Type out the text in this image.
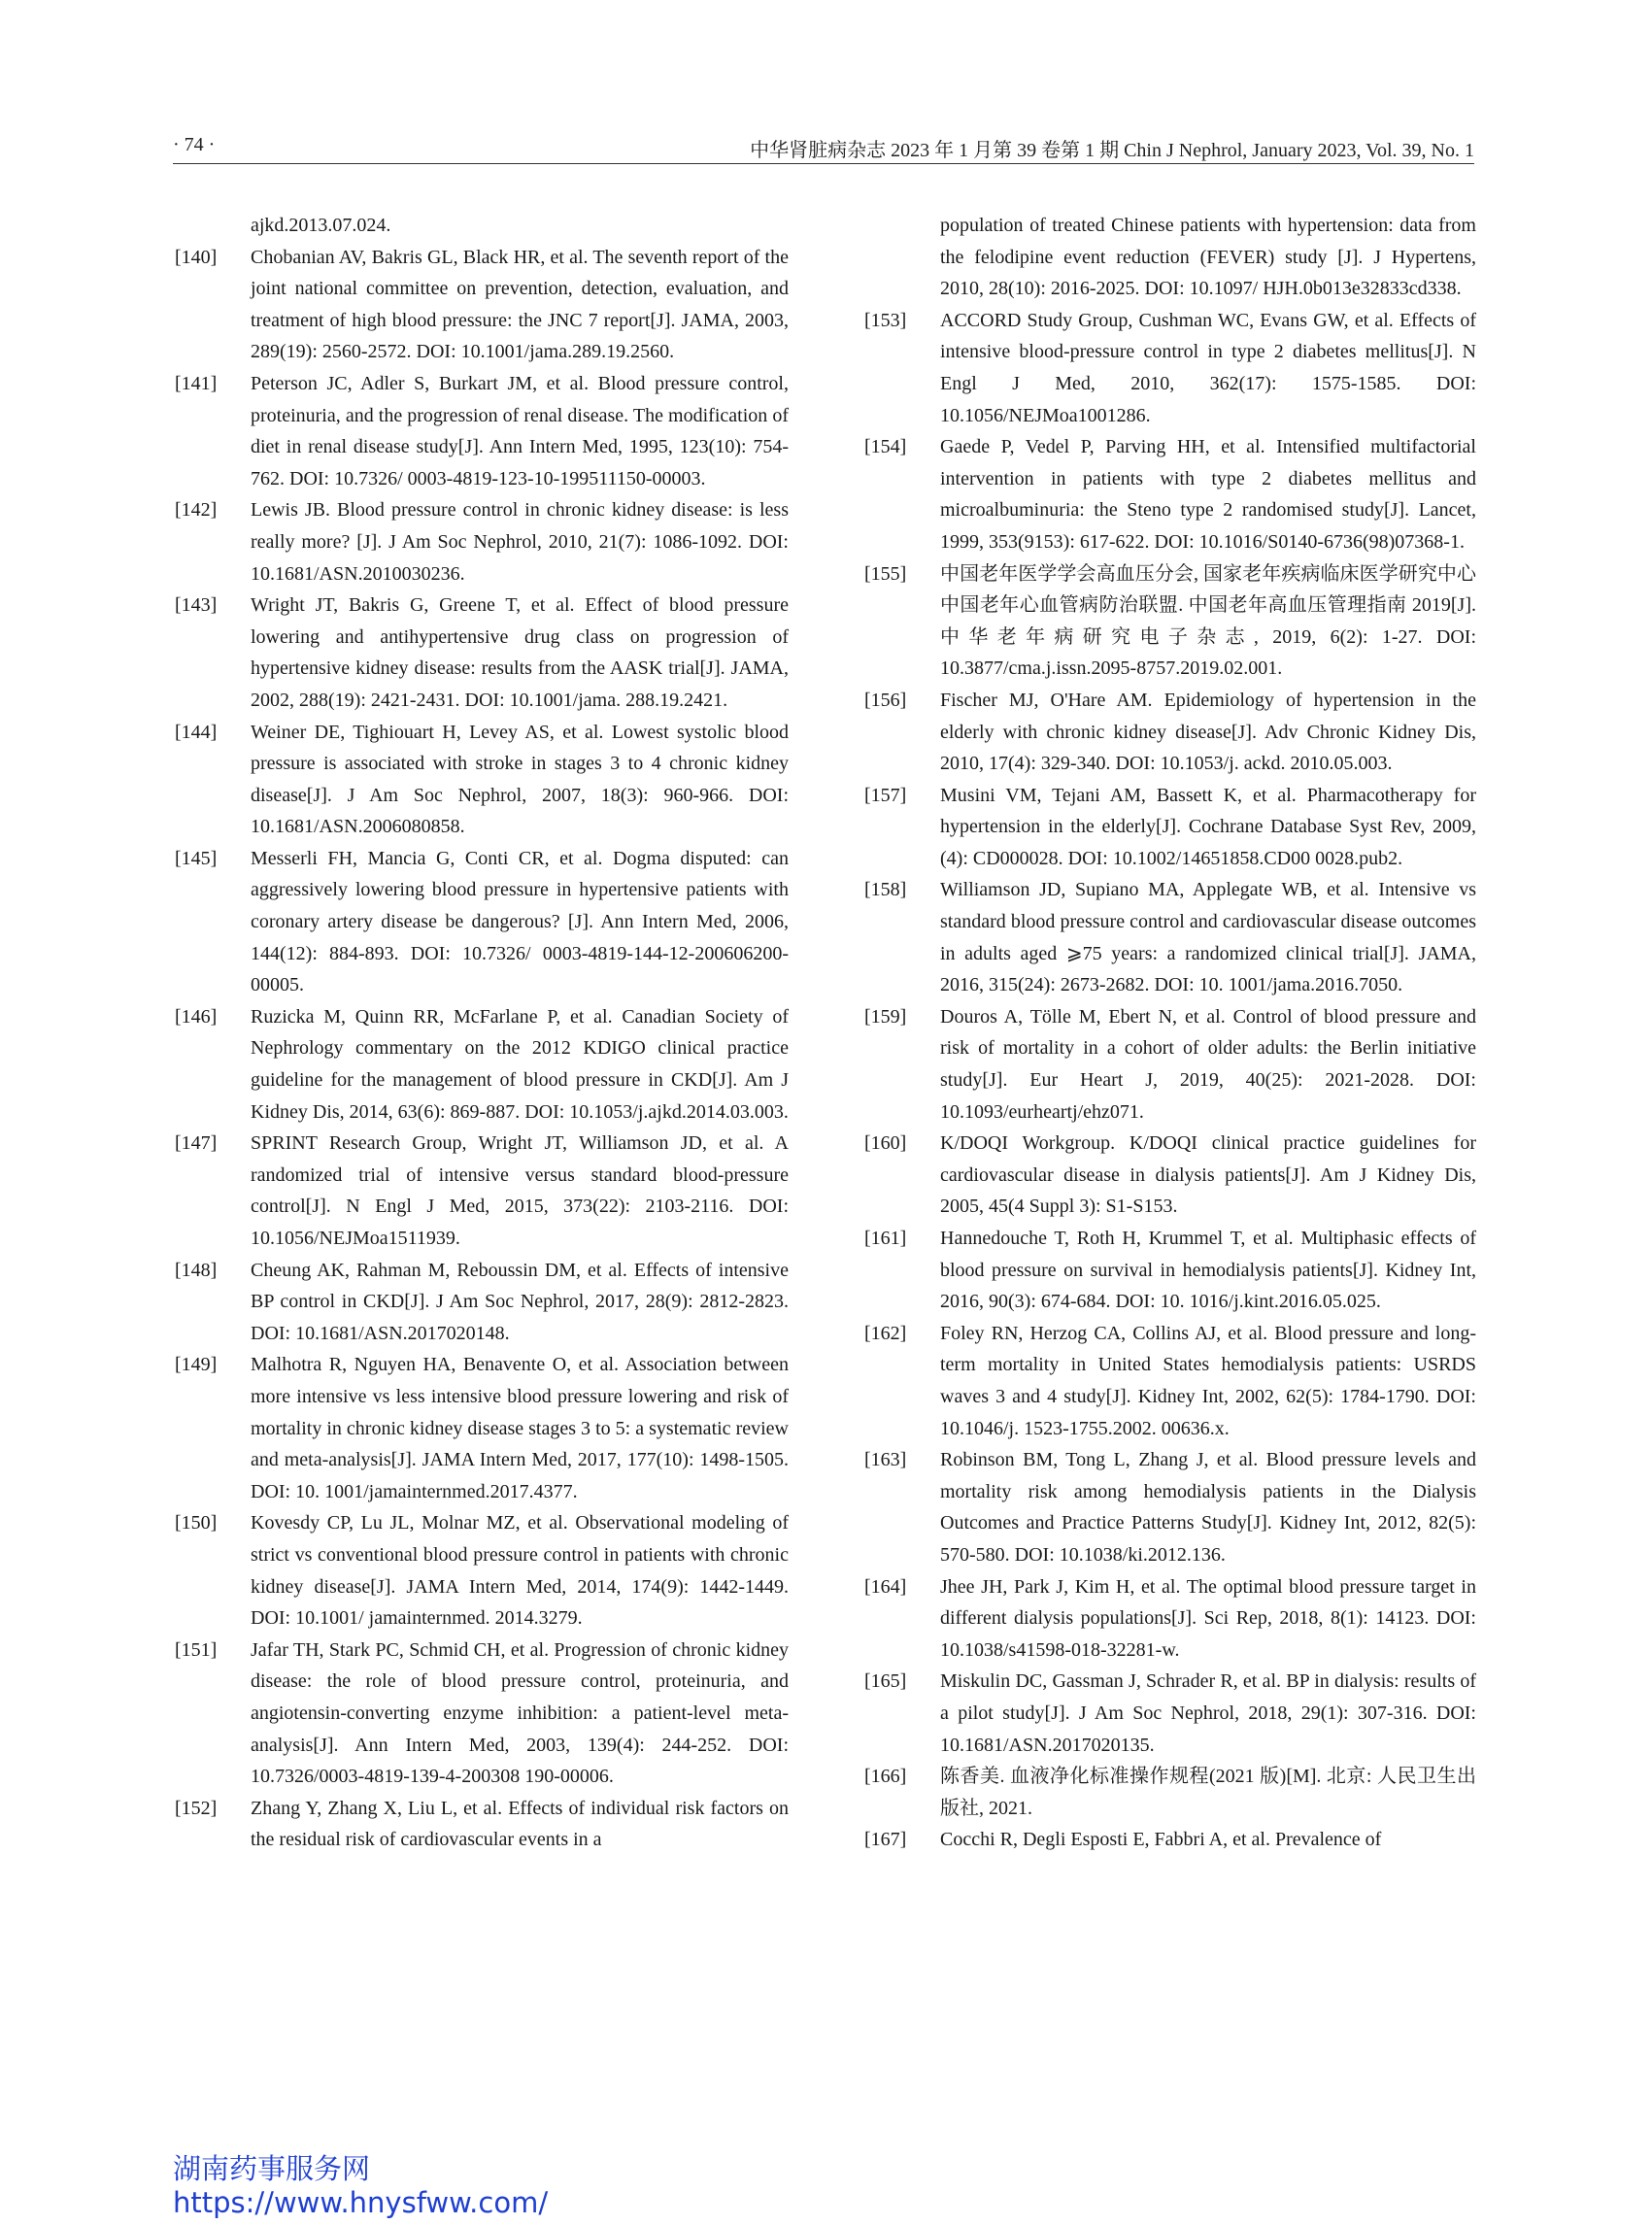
· 74 ·	中华肾脏病杂志 2023 年 1 月第 39 卷第 1 期 Chin J Nephrol, January 2023, Vol. 39, No. 1
ajkd.2013.07.024.
[140]	Chobanian AV, Bakris GL, Black HR, et al. The seventh report of the joint national committee on prevention, detection, evaluation, and treatment of high blood pressure: the JNC 7 report[J]. JAMA, 2003, 289(19): 2560-2572. DOI: 10.1001/jama.289.19.2560.
[141]	Peterson JC, Adler S, Burkart JM, et al. Blood pressure control, proteinuria, and the progression of renal disease. The modification of diet in renal disease study[J]. Ann Intern Med, 1995, 123(10): 754-762. DOI: 10.7326/ 0003-4819-123-10-199511150-00003.
[142]	Lewis JB. Blood pressure control in chronic kidney disease: is less really more? [J]. J Am Soc Nephrol, 2010, 21(7): 1086-1092. DOI: 10.1681/ASN.2010030236.
[143]	Wright JT, Bakris G, Greene T, et al. Effect of blood pressure lowering and antihypertensive drug class on progression of hypertensive kidney disease: results from the AASK trial[J]. JAMA, 2002, 288(19): 2421-2431. DOI: 10.1001/jama. 288.19.2421.
[144]	Weiner DE, Tighiouart H, Levey AS, et al. Lowest systolic blood pressure is associated with stroke in stages 3 to 4 chronic kidney disease[J]. J Am Soc Nephrol, 2007, 18(3): 960-966. DOI: 10.1681/ASN.2006080858.
[145]	Messerli FH, Mancia G, Conti CR, et al. Dogma disputed: can aggressively lowering blood pressure in hypertensive patients with coronary artery disease be dangerous? [J]. Ann Intern Med, 2006, 144(12): 884-893. DOI: 10.7326/ 0003-4819-144-12-200606200-00005.
[146]	Ruzicka M, Quinn RR, McFarlane P, et al. Canadian Society of Nephrology commentary on the 2012 KDIGO clinical practice guideline for the management of blood pressure in CKD[J]. Am J Kidney Dis, 2014, 63(6): 869-887. DOI: 10.1053/j.ajkd.2014.03.003.
[147]	SPRINT Research Group, Wright JT, Williamson JD, et al. A randomized trial of intensive versus standard blood-pressure control[J]. N Engl J Med, 2015, 373(22): 2103-2116. DOI: 10.1056/NEJMoa1511939.
[148]	Cheung AK, Rahman M, Reboussin DM, et al. Effects of intensive BP control in CKD[J]. J Am Soc Nephrol, 2017, 28(9): 2812-2823. DOI: 10.1681/ASN.2017020148.
[149]	Malhotra R, Nguyen HA, Benavente O, et al. Association between more intensive vs less intensive blood pressure lowering and risk of mortality in chronic kidney disease stages 3 to 5: a systematic review and meta-analysis[J]. JAMA Intern Med, 2017, 177(10): 1498-1505. DOI: 10. 1001/jamainternmed.2017.4377.
[150]	Kovesdy CP, Lu JL, Molnar MZ, et al. Observational modeling of strict vs conventional blood pressure control in patients with chronic kidney disease[J]. JAMA Intern Med, 2014, 174(9): 1442-1449. DOI: 10.1001/ jamainternmed. 2014.3279.
[151]	Jafar TH, Stark PC, Schmid CH, et al. Progression of chronic kidney disease: the role of blood pressure control, proteinuria, and angiotensin-converting enzyme inhibition: a patient-level meta-analysis[J]. Ann Intern Med, 2003, 139(4): 244-252. DOI: 10.7326/0003-4819-139-4-200308 190-00006.
[152]	Zhang Y, Zhang X, Liu L, et al. Effects of individual risk factors on the residual risk of cardiovascular events in a
population of treated Chinese patients with hypertension: data from the felodipine event reduction (FEVER) study [J]. J Hypertens, 2010, 28(10): 2016-2025. DOI: 10.1097/ HJH.0b013e32833cd338.
[153]	ACCORD Study Group, Cushman WC, Evans GW, et al. Effects of intensive blood-pressure control in type 2 diabetes mellitus[J]. N Engl J Med, 2010, 362(17): 1575-1585. DOI: 10.1056/NEJMoa1001286.
[154]	Gaede P, Vedel P, Parving HH, et al. Intensified multifactorial intervention in patients with type 2 diabetes mellitus and microalbuminuria: the Steno type 2 randomised study[J]. Lancet, 1999, 353(9153): 617-622. DOI: 10.1016/S0140-6736(98)07368-1.
[155]	中国老年医学学会高血压分会, 国家老年疾病临床医学研究中心中国老年心血管病防治联盟. 中国老年高血压管理指南 2019[J]. 中华老年病研究电子杂志, 2019, 6(2): 1-27. DOI: 10.3877/cma.j.issn.2095-8757.2019.02.001.
[156]	Fischer MJ, O'Hare AM. Epidemiology of hypertension in the elderly with chronic kidney disease[J]. Adv Chronic Kidney Dis, 2010, 17(4): 329-340. DOI: 10.1053/j. ackd. 2010.05.003.
[157]	Musini VM, Tejani AM, Bassett K, et al. Pharmacotherapy for hypertension in the elderly[J]. Cochrane Database Syst Rev, 2009, (4): CD000028. DOI: 10.1002/14651858.CD00 0028.pub2.
[158]	Williamson JD, Supiano MA, Applegate WB, et al. Intensive vs standard blood pressure control and cardiovascular disease outcomes in adults aged ⩾75 years: a randomized clinical trial[J]. JAMA, 2016, 315(24): 2673-2682. DOI: 10. 1001/jama.2016.7050.
[159]	Douros A, Tölle M, Ebert N, et al. Control of blood pressure and risk of mortality in a cohort of older adults: the Berlin initiative study[J]. Eur Heart J, 2019, 40(25): 2021-2028. DOI: 10.1093/eurheartj/ehz071.
[160]	K/DOQI Workgroup. K/DOQI clinical practice guidelines for cardiovascular disease in dialysis patients[J]. Am J Kidney Dis, 2005, 45(4 Suppl 3): S1-S153.
[161]	Hannedouche T, Roth H, Krummel T, et al. Multiphasic effects of blood pressure on survival in hemodialysis patients[J]. Kidney Int, 2016, 90(3): 674-684. DOI: 10. 1016/j.kint.2016.05.025.
[162]	Foley RN, Herzog CA, Collins AJ, et al. Blood pressure and long-term mortality in United States hemodialysis patients: USRDS waves 3 and 4 study[J]. Kidney Int, 2002, 62(5): 1784-1790. DOI: 10.1046/j. 1523-1755.2002. 00636.x.
[163]	Robinson BM, Tong L, Zhang J, et al. Blood pressure levels and mortality risk among hemodialysis patients in the Dialysis Outcomes and Practice Patterns Study[J]. Kidney Int, 2012, 82(5): 570-580. DOI: 10.1038/ki.2012.136.
[164]	Jhee JH, Park J, Kim H, et al. The optimal blood pressure target in different dialysis populations[J]. Sci Rep, 2018, 8(1): 14123. DOI: 10.1038/s41598-018-32281-w.
[165]	Miskulin DC, Gassman J, Schrader R, et al. BP in dialysis: results of a pilot study[J]. J Am Soc Nephrol, 2018, 29(1): 307-316. DOI: 10.1681/ASN.2017020135.
[166]	陈香美. 血液净化标准操作规程(2021 版)[M]. 北京: 人民卫生出版社, 2021.
[167]	Cocchi R, Degli Esposti E, Fabbri A, et al. Prevalence of
湖南药事服务网
https://www.hnysfww.com/
